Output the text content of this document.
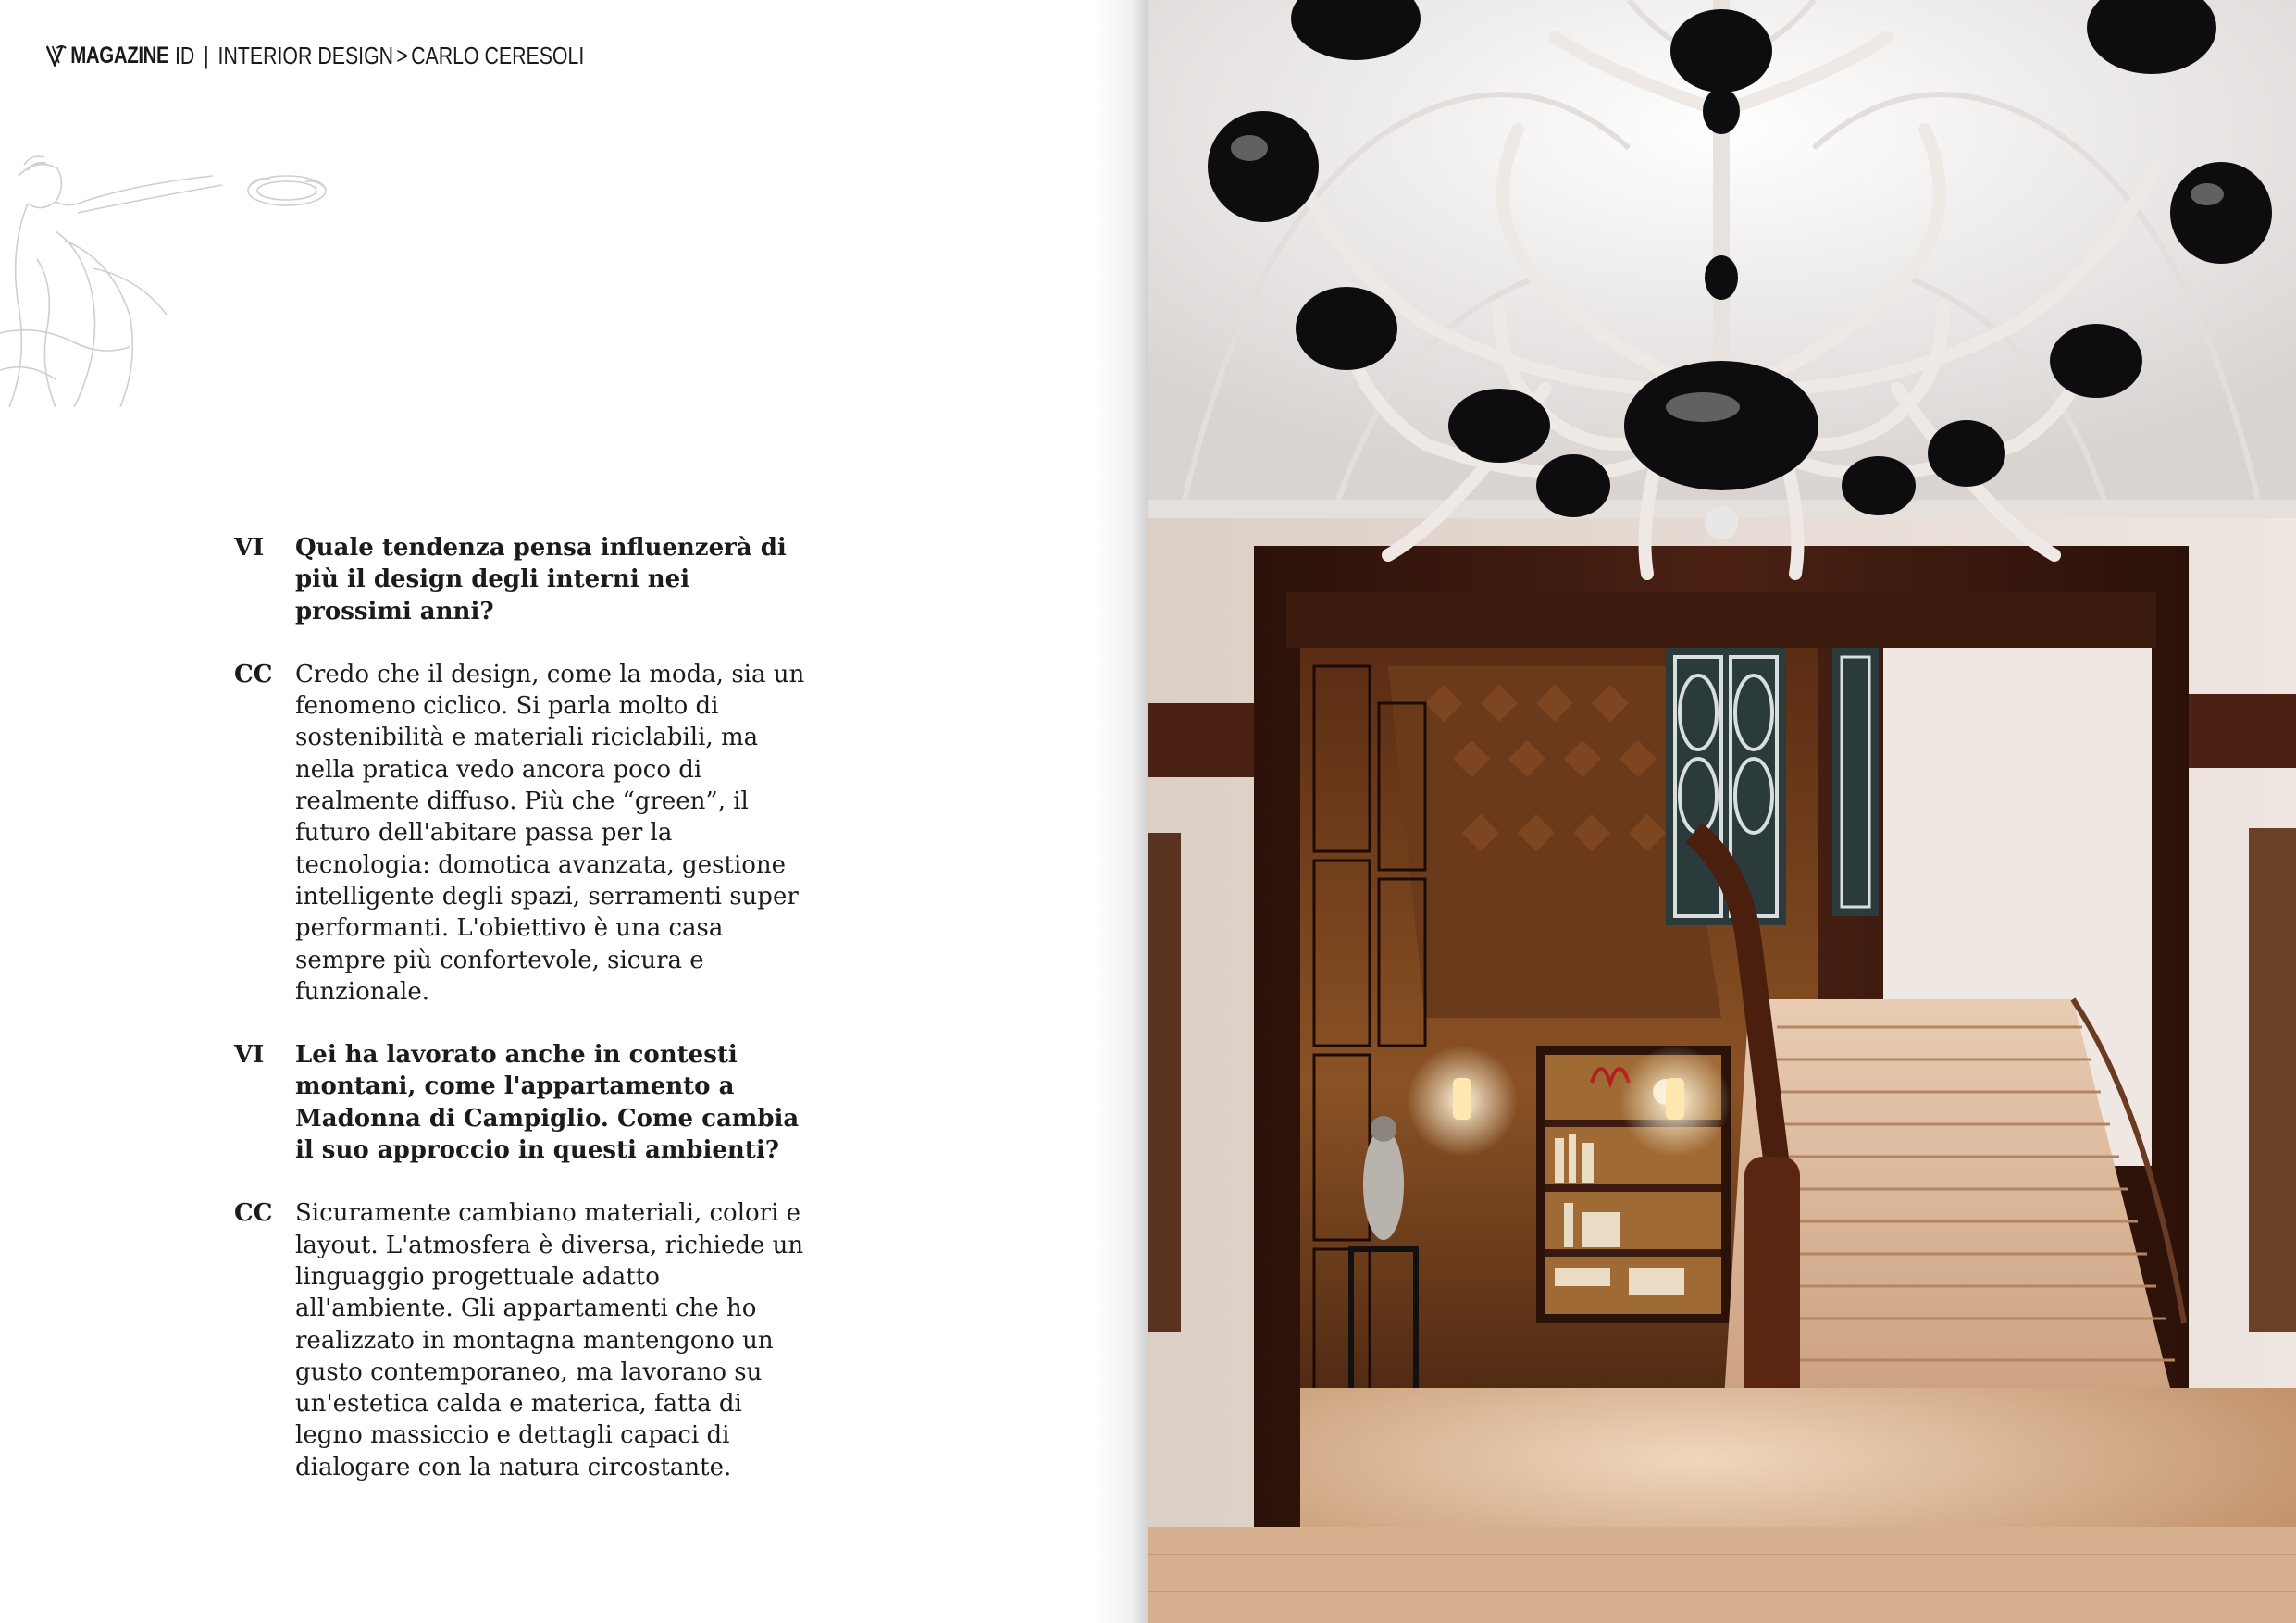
MAGAZINE ID | INTERIOR DESIGN > CARLO CERESOLI
VI	Quale tendenza pensa influenzerà di più il design degli interni nei prossimi anni?
CC Credo che il design, come la moda, sia un fenomeno ciclico. Si parla molto di sostenibilità e materiali riciclabili, ma nella pratica vedo ancora poco di realmente diffuso. Più che “green”, il futuro dell'abitare passa per la tecnologia: domotica avanzata, gestione intelligente degli spazi, serramenti super performanti. L'obiettivo è una casa sempre più confortevole, sicura e funzionale.
VI	Lei ha lavorato anche in contesti montani, come l'appartamento a Madonna di Campiglio. Come cambia il suo approccio in questi ambienti?
CC Sicuramente cambiano materiali, colori e layout. L'atmosfera è diversa, richiede un linguaggio progettuale adatto all'ambiente. Gli appartamenti che ho realizzato in montagna mantengono un gusto contemporaneo, ma lavorano su un'estetica calda e materica, fatta di legno massiccio e dettagli capaci di dialogare con la natura circostante.
